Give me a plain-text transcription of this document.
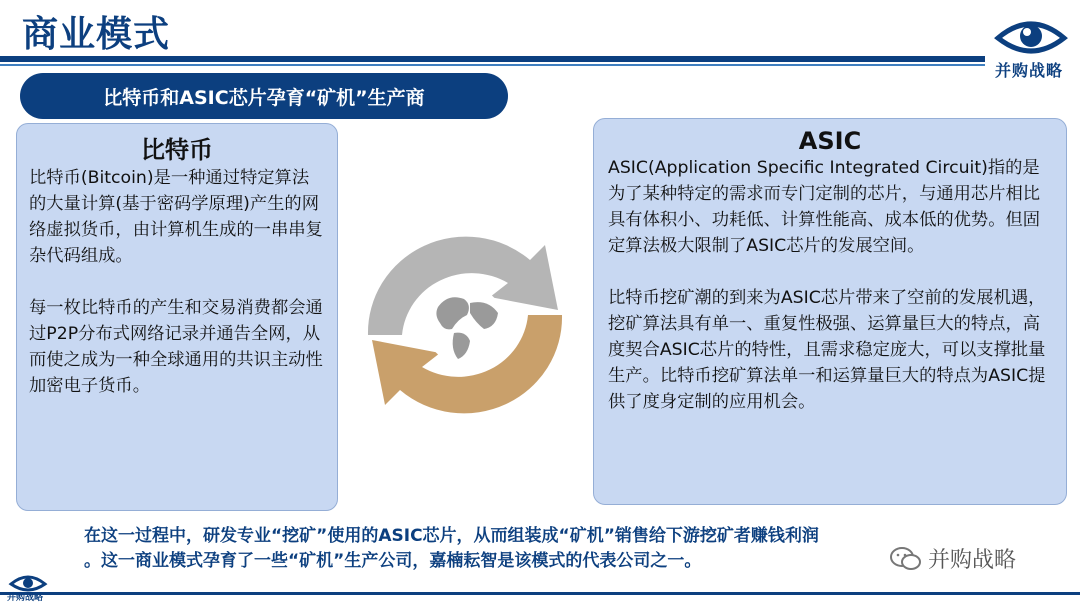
商业模式
并购战略
比特币和ASIC芯片孕育“矿机”生产商
比特币

比特币(Bitcoin)是一种通过特定算法的大量计算(基于密码学原理)产生的网络虚拟货币，由计算机生成的一串串复杂代码组成。

每一枚比特币的产生和交易消费都会通过P2P分布式网络记录并通告全网，从而使之成为一种全球通用的共识主动性加密电子货币。

ASIC

ASIC(Application Specific Integrated Circuit)指的是为了某种特定的需求而专门定制的芯片，与通用芯片相比具有体积小、功耗低、计算性能高、成本低的优势。但固定算法极大限制了ASIC芯片的发展空间。

比特币挖矿潮的到来为ASIC芯片带来了空前的发展机遇，挖矿算法具有单一、重复性极强、运算量巨大的特点，高度契合ASIC芯片的特性，且需求稳定庞大，可以支撑批量生产。比特币挖矿算法单一和运算量巨大的特点为ASIC提供了度身定制的应用机会。

在这一过程中，研发专业“挖矿”使用的ASIC芯片，从而组装成“矿机”销售给下游挖矿者赚钱利润
。这一商业模式孕育了一些“矿机”生产公司，嘉楠耘智是该模式的代表公司之一。	并购战略
并购战略
